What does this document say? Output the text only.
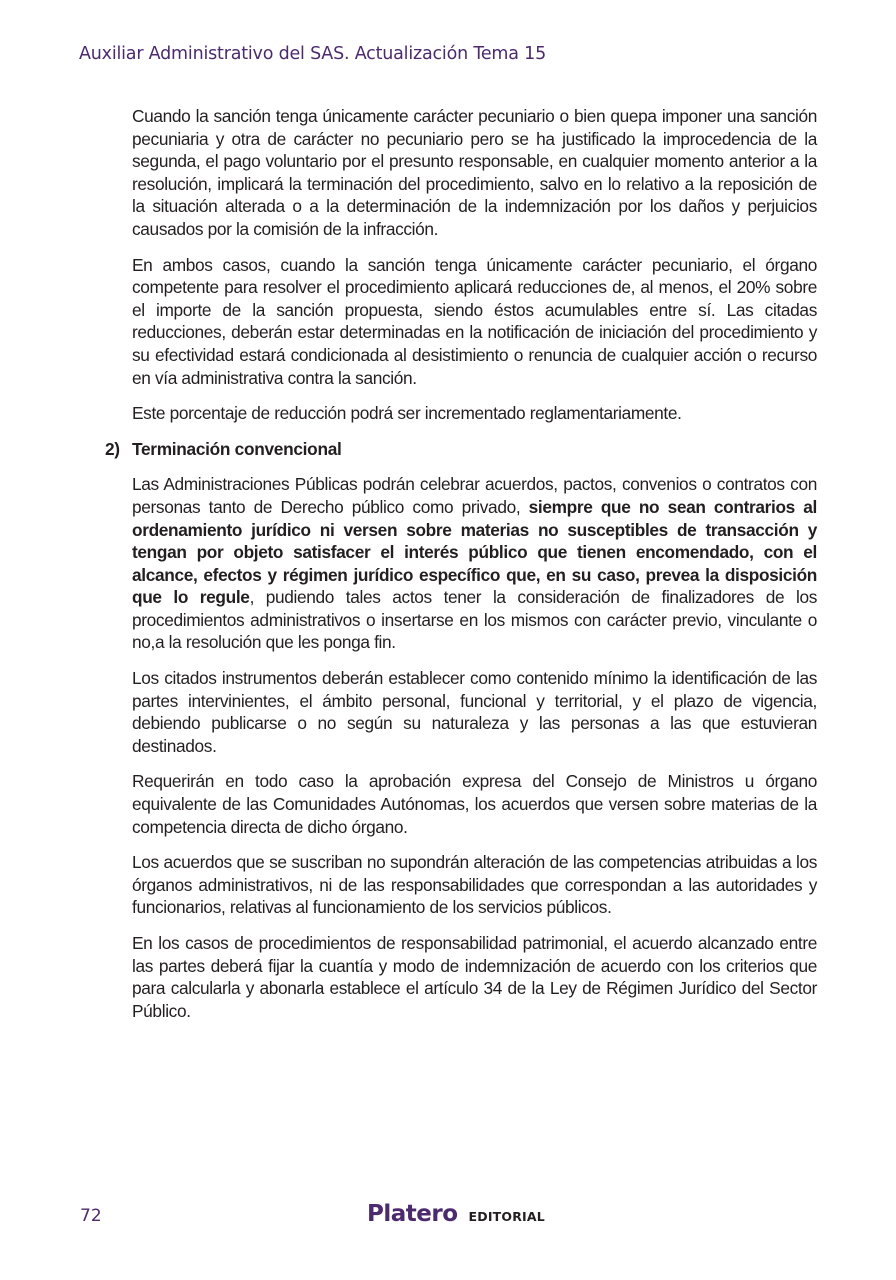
Auxiliar Administrativo del SAS. Actualización Tema 15

Cuando la sanción tenga únicamente carácter pecuniario o bien quepa imponer una sanción pecuniaria y otra de carácter no pecuniario pero se ha justificado la improcedencia de la segunda, el pago voluntario por el presunto responsable, en cualquier momento anterior a la resolución, implicará la terminación del procedimiento, salvo en lo relativo a la reposición de la situación alterada o a la determinación de la indemnización por los daños y perjuicios causados por la comisión de la infracción.

En ambos casos, cuando la sanción tenga únicamente carácter pecuniario, el órgano competente para resolver el procedimiento aplicará reducciones de, al menos, el 20% sobre el importe de la sanción propuesta, siendo éstos acumulables entre sí. Las citadas reducciones, deberán estar determinadas en la notificación de iniciación del procedimiento y su efectividad estará condicionada al desistimiento o renuncia de cualquier acción o recurso en vía administrativa contra la sanción.

Este porcentaje de reducción podrá ser incrementado reglamentariamente.

2) Terminación convencional

Las Administraciones Públicas podrán celebrar acuerdos, pactos, convenios o contratos con personas tanto de Derecho público como privado, siempre que no sean contrarios al ordenamiento jurídico ni versen sobre materias no susceptibles de transacción y tengan por objeto satisfacer el interés público que tienen encomendado, con el alcance, efectos y régimen jurídico específico que, en su caso, prevea la disposición que lo regule, pudiendo tales actos tener la consideración de finalizadores de los procedimientos administrativos o insertarse en los mismos con carácter previo, vinculante o no,a la resolución que les ponga fin.

Los citados instrumentos deberán establecer como contenido mínimo la identificación de las partes intervinientes, el ámbito personal, funcional y territorial, y el plazo de vigencia, debiendo publicarse o no según su naturaleza y las personas a las que estuvieran destinados.

Requerirán en todo caso la aprobación expresa del Consejo de Ministros u órgano equivalente de las Comunidades Autónomas, los acuerdos que versen sobre materias de la competencia directa de dicho órgano.

Los acuerdos que se suscriban no supondrán alteración de las competencias atribuidas a los órganos administrativos, ni de las responsabilidades que correspondan a las autoridades y funcionarios, relativas al funcionamiento de los servicios públicos.

En los casos de procedimientos de responsabilidad patrimonial, el acuerdo alcanzado entre las partes deberá fijar la cuantía y modo de indemnización de acuerdo con los criterios que para calcularla y abonarla establece el artículo 34 de la Ley de Régimen Jurídico del Sector Público.

72	Platero EDITORIAL
